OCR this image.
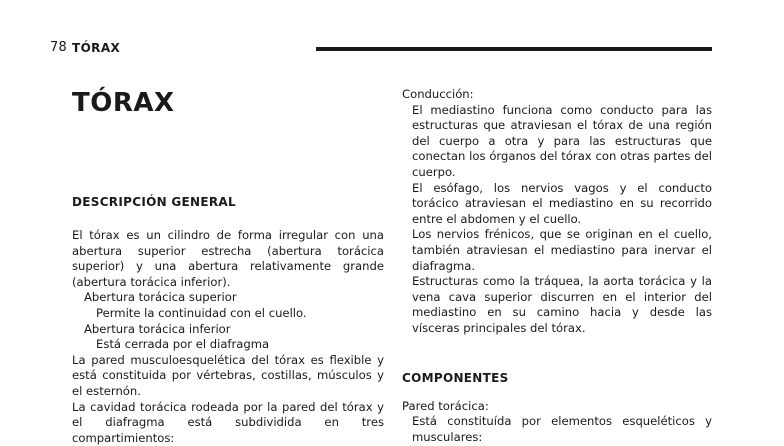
78 TÓRAX
TÓRAX
DESCRIPCIÓN GENERAL

El tórax es un cilindro de forma irregular con una abertura superior estrecha (abertura torácica superior) y una abertura relativamente grande (abertura torácica inferior).

Abertura torácica superior
Permite la continuidad con el cuello.
Abertura torácica inferior
Está cerrada por el diafragma

La pared musculoesquelética del tórax es flexible y está constituida por vértebras, costillas, músculos y el esternón.

La cavidad torácica rodeada por la pared del tórax y el diafragma está subdividida en tres compartimientos:

Conducción:

El mediastino funciona como conducto para las estructuras que atraviesan el tórax de una región del cuerpo a otra y para las estructuras que conectan los órganos del tórax con otras partes del cuerpo.

El esófago, los nervios vagos y el conducto torácico atraviesan el mediastino en su recorrido entre el abdomen y el cuello.

Los nervios frénicos, que se originan en el cuello, también atraviesan el mediastino para inervar el diafragma.

Estructuras como la tráquea, la aorta torácica y la vena cava superior discurren en el interior del mediastino en su camino hacia y desde las vísceras principales del tórax.

COMPONENTES
Pared torácica:

Está constituída por elementos esqueléticos y musculares:
